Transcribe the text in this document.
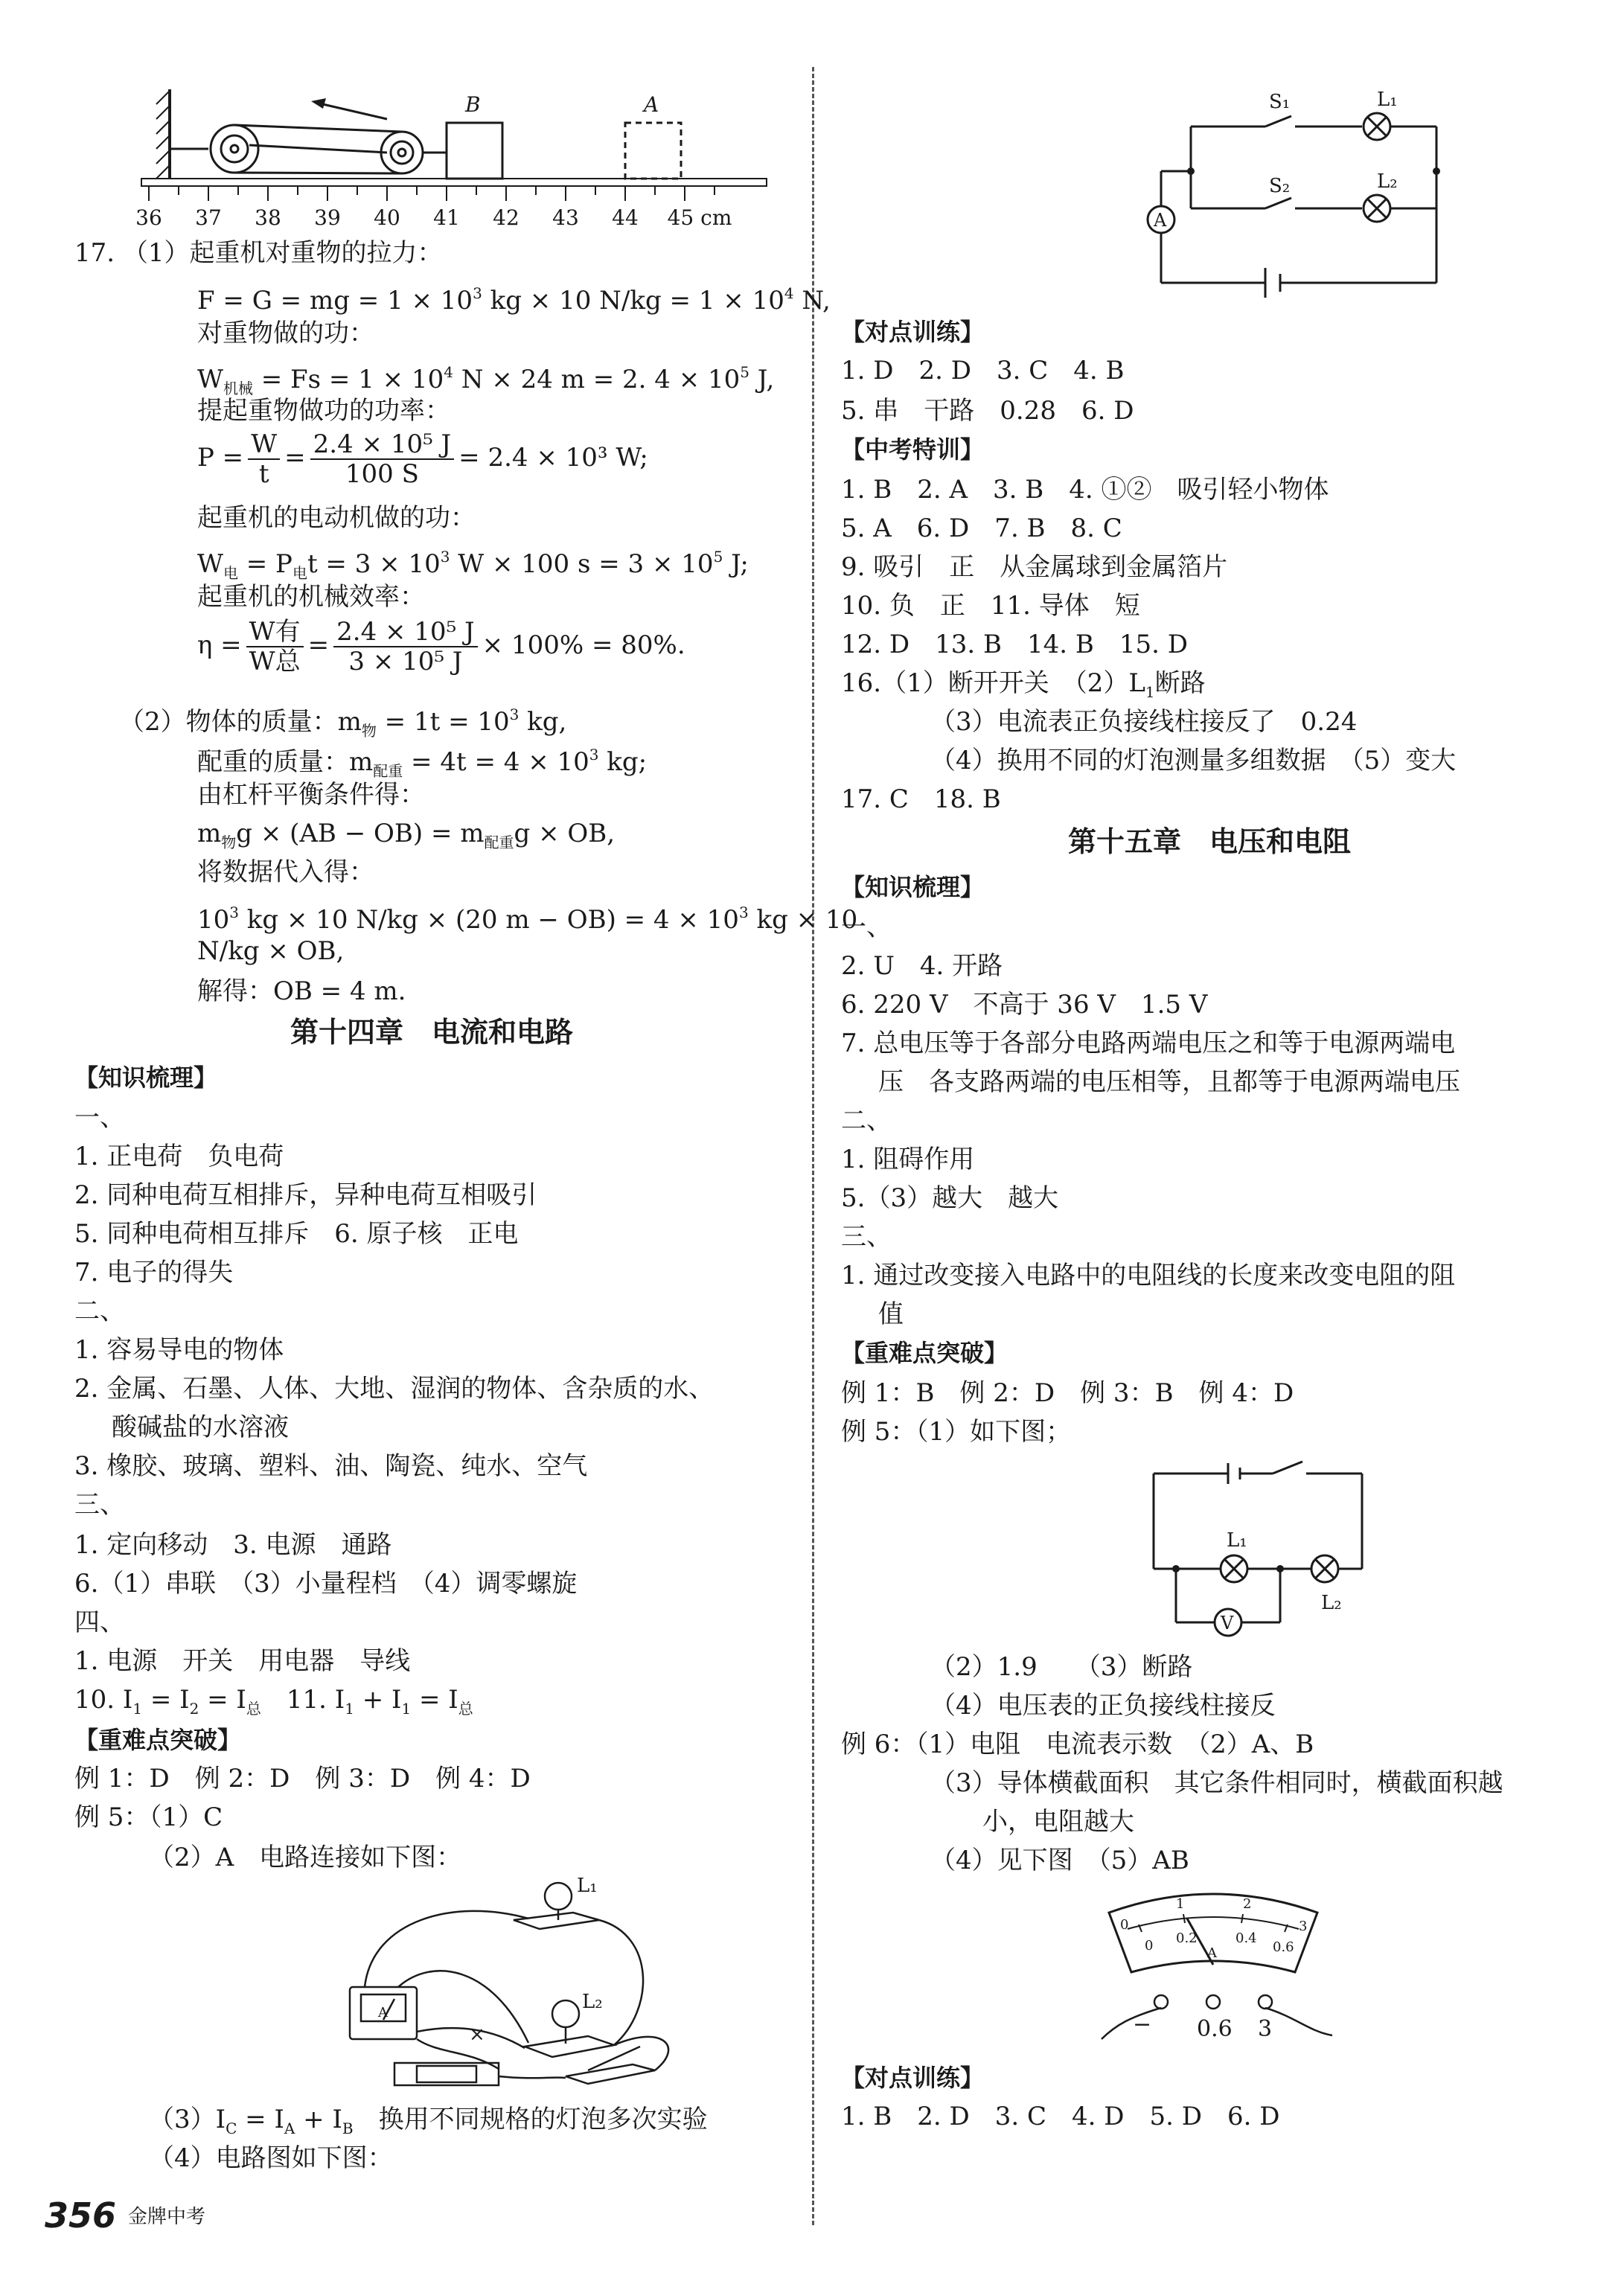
36 37 38 39 40 41 42 43 44 45 cm
B	A
17. （1）起重机对重物的拉力：
F = G = mg = $1 \times 10^3$ kg × 10 $N/kg = 1 \times 10^4$ N,
对重物做的功：
$W_{机械} = Fs = 1 \times 10^4$ N × 24 m = 2. $4 \times 10^5$ J,
提起重物做功的功率：
$P = \frac{W}{t} = \frac{\text{2.4 × 10⁵ J}}{100 S} = 2.4 \times 10^3$ W;
起重机的电动机做的功：
$W_电 = P_电t = 3 \times 10^3$ W × 100 $s = 3 \times 10^5$ J;
起重机的机械效率：
$\eta = \frac{\text{W有}}{\text{W总}} = \frac{\text{2.4 × 10⁵ J}}{\text{3 × 10⁵ J}} \times 100\% = 80\%$.
（2）物体的质量：$m_物 = 1t = 10^3$ kg,
配重的质量：$m_{配重} = 4t = 4 \times 10^3$ kg;
由杠杆平衡条件得：
$m_物g \times (AB - OB) = m_{配重}g$ × OB,
将数据代入得：
$10^3$ kg × 10 N/kg × (20 $m - OB) = 4 \times 10^3$ kg × 10
N/kg × OB,
解得：OB = 4 m.
第十四章　电流和电路
【知识梳理】
一、
1. 正电荷　负电荷
2. 同种电荷互相排斥，异种电荷互相吸引
5. 同种电荷相互排斥　6. 原子核　正电
7. 电子的得失
二、
1. 容易导电的物体
2. 金属、石墨、人体、大地、湿润的物体、含杂质的水、
酸碱盐的水溶液
3. 橡胶、玻璃、塑料、油、陶瓷、纯水、空气
三、
1. 定向移动　3. 电源　通路
6.（1）串联　（3）小量程档　（4）调零螺旋
四、
1. 电源　开关　用电器　导线
10. $I_1 = I_2 = I_总$　11. $I_1 + I_1 = I_总$
【重难点突破】
例 1：D　例 2：D　例 3：D　例 4：D
例 5：（1）C
（2）A　电路连接如下图：
×
L₁
L₂
A
$(3)I_C = I_A + I_B$　换用不同规格的灯泡多次实验
（4）电路图如下图：
S₁	L₁
S₂	L₂
A
【对点训练】
1. D　2. D　3. C　4. B
5. 串　干路　0.28　6. D
【中考特训】
1. B　2. A　3. B　4. ①②　吸引轻小物体
5. A　6. D　7. B　8. C
9. 吸引　正　从金属球到金属箔片
10. 负　正　11. 导体　短
12. D　13. B　14. B　15. D
16.（1）断开开关　$(2)L_1$断路
（3）电流表正负接线柱接反了　0.24
（4）换用不同的灯泡测量多组数据　（5）变大
17. C　18. B
第十五章　电压和电阻
【知识梳理】
一、
2. U　4. 开路
6. 220 V　不高于 36 V　1.5 V
7. 总电压等于各部分电路两端电压之和等于电源两端电
压　各支路两端的电压相等，且都等于电源两端电压
二、
1. 阻碍作用
5.（3）越大　越大
三、
1. 通过改变接入电路中的电阻线的长度来改变电阻的阻
值
【重难点突破】
例 1：B　例 2：D　例 3：B　例 4：D
例 5：（1）如下图；
L₁
L₂
V
（2）1.9　　（3）断路
（4）电压表的正负接线柱接反
例 6：（1）电阻　电流表示数　（2）A、B
（3）导体横截面积　其它条件相同时，横截面积越
小，电阻越大
（4）见下图　（5）AB
0
1	2
3
0 0.2	0.4
0.6
A
− 0.6 3
【对点训练】
1. B　2. D　3. C　4. D　5. D　6. D
356 金牌中考
